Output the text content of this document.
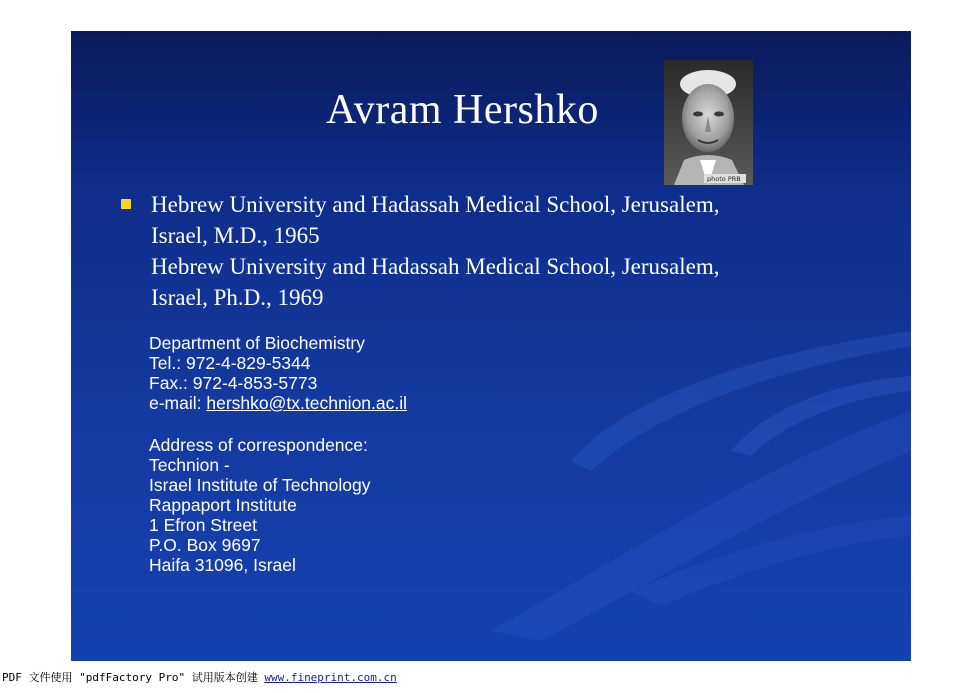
Avram Hershko
photo PRB
Hebrew University and Hadassah Medical School, Jerusalem,
Israel, M.D., 1965
Hebrew University and Hadassah Medical School, Jerusalem,
Israel, Ph.D., 1969
Department of Biochemistry
Tel.: 972-4-829-5344
Fax.: 972-4-853-5773
e-mail: hershko@tx.technion.ac.il
Address of correspondence:
Technion -
Israel Institute of Technology
Rappaport Institute
1 Efron Street
P.O. Box 9697
Haifa 31096, Israel
PDF 文件使用 "pdfFactory Pro" 试用版本创建 www.fineprint.com.cn
